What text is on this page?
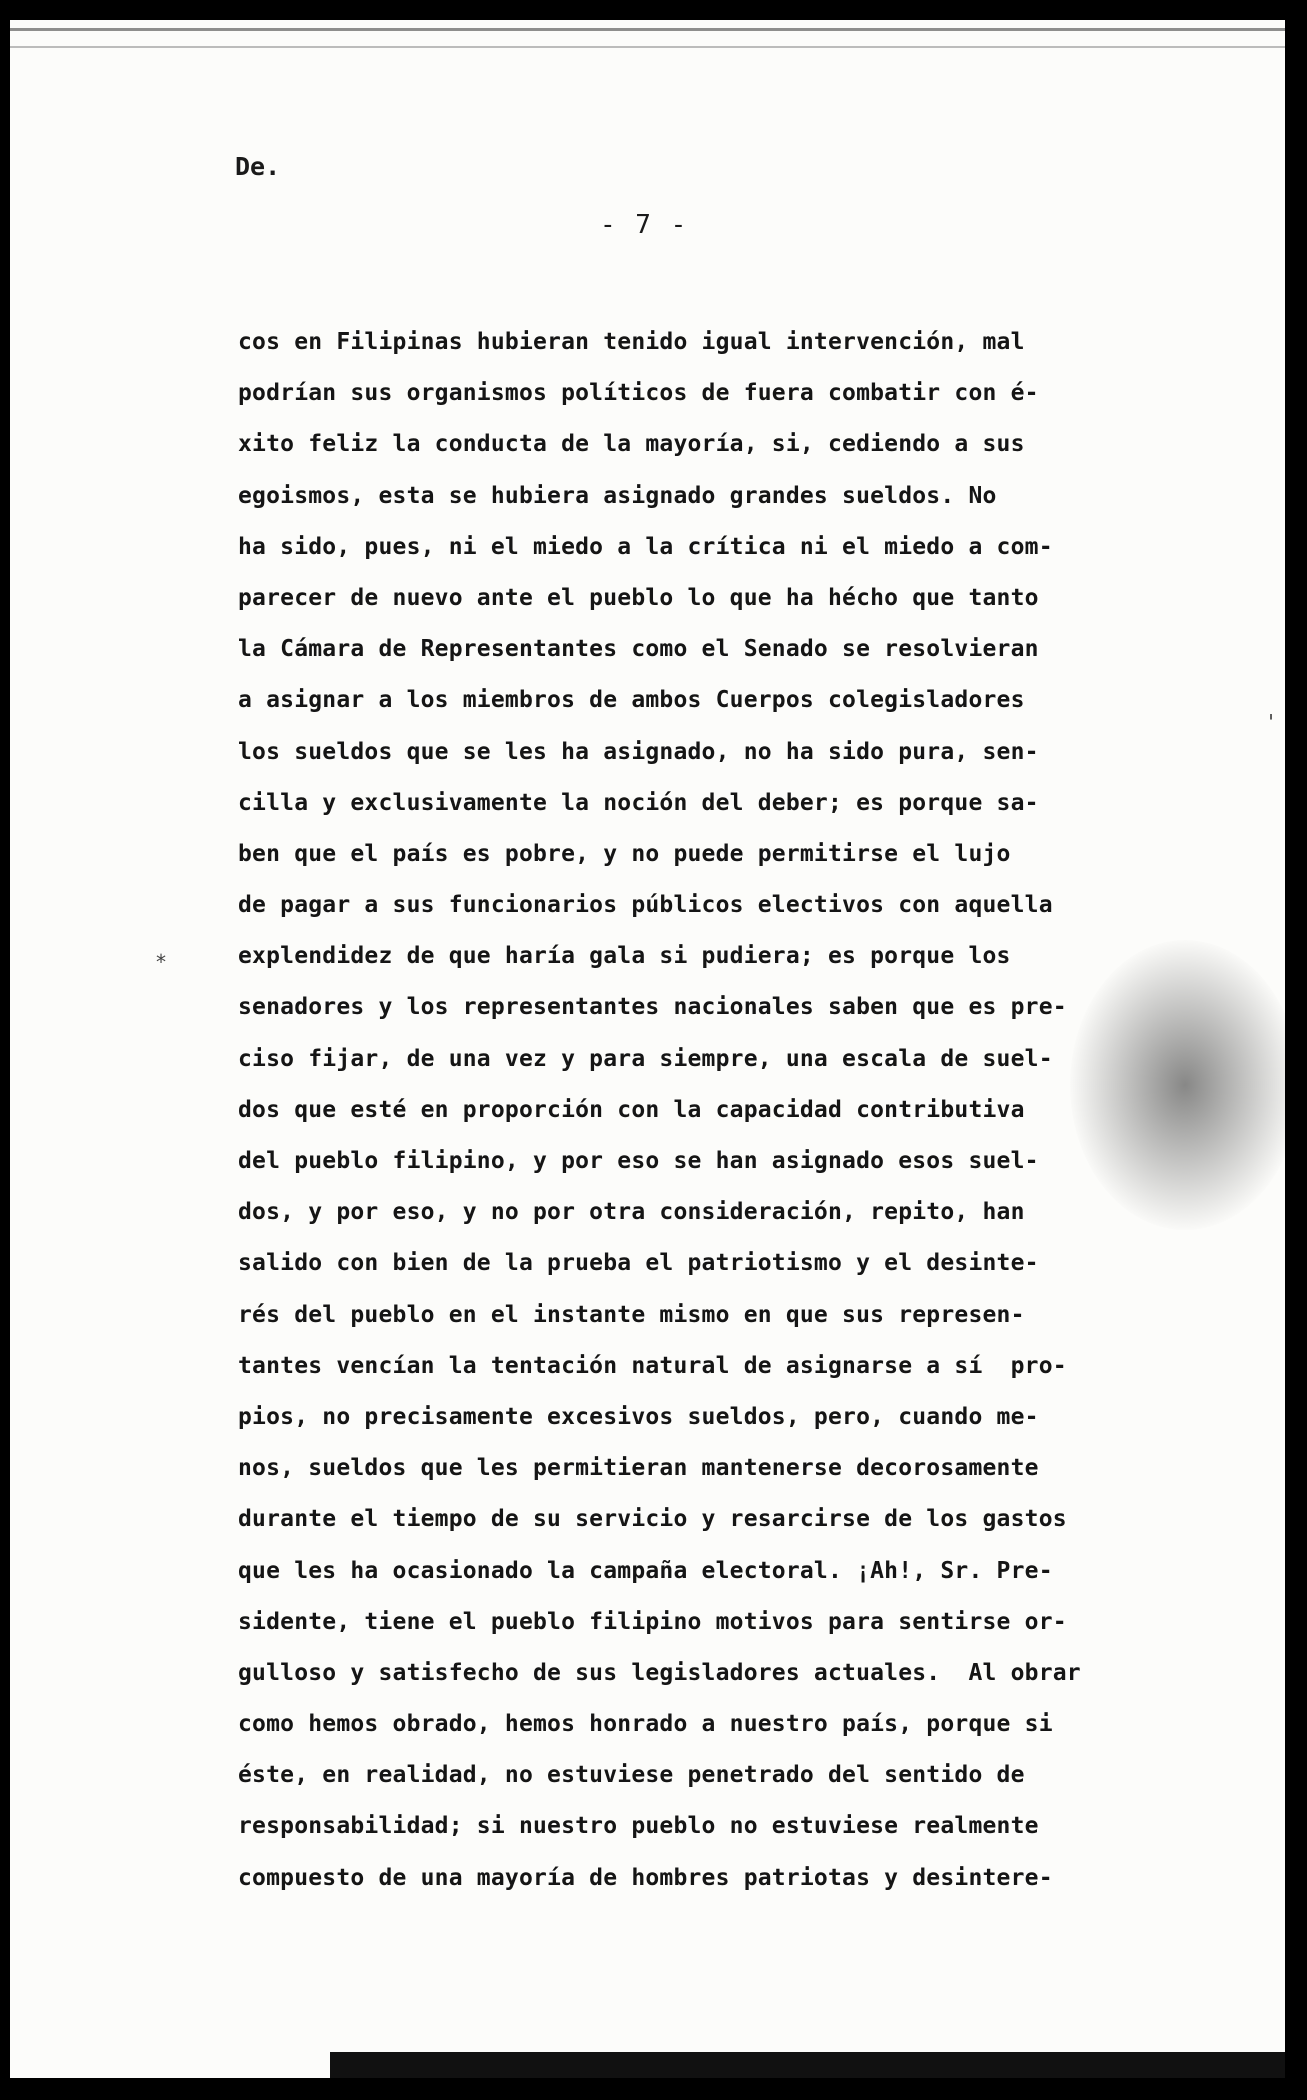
*
'
De.
- 7 -
cos en Filipinas hubieran tenido igual intervención, mal
podrían sus organismos políticos de fuera combatir con é-
xito feliz la conducta de la mayoría, si, cediendo a sus
egoismos, esta se hubiera asignado grandes sueldos. No
ha sido, pues, ni el miedo a la crítica ni el miedo a com-
parecer de nuevo ante el pueblo lo que ha hécho que tanto
la Cámara de Representantes como el Senado se resolvieran
a asignar a los miembros de ambos Cuerpos colegisladores
los sueldos que se les ha asignado, no ha sido pura, sen-
cilla y exclusivamente la noción del deber; es porque sa-
ben que el país es pobre, y no puede permitirse el lujo
de pagar a sus funcionarios públicos electivos con aquella
explendidez de que haría gala si pudiera; es porque los
senadores y los representantes nacionales saben que es pre-
ciso fijar, de una vez y para siempre, una escala de suel-
dos que esté en proporción con la capacidad contributiva
del pueblo filipino, y por eso se han asignado esos suel-
dos, y por eso, y no por otra consideración, repito, han
salido con bien de la prueba el patriotismo y el desinte-
rés del pueblo en el instante mismo en que sus represen-
tantes vencían la tentación natural de asignarse a sí  pro-
pios, no precisamente excesivos sueldos, pero, cuando me-
nos, sueldos que les permitieran mantenerse decorosamente
durante el tiempo de su servicio y resarcirse de los gastos
que les ha ocasionado la campaña electoral. ¡Ah!, Sr. Pre-
sidente, tiene el pueblo filipino motivos para sentirse or-
gulloso y satisfecho de sus legisladores actuales.  Al obrar
como hemos obrado, hemos honrado a nuestro país, porque si
éste, en realidad, no estuviese penetrado del sentido de
responsabilidad; si nuestro pueblo no estuviese realmente
compuesto de una mayoría de hombres patriotas y desintere-
